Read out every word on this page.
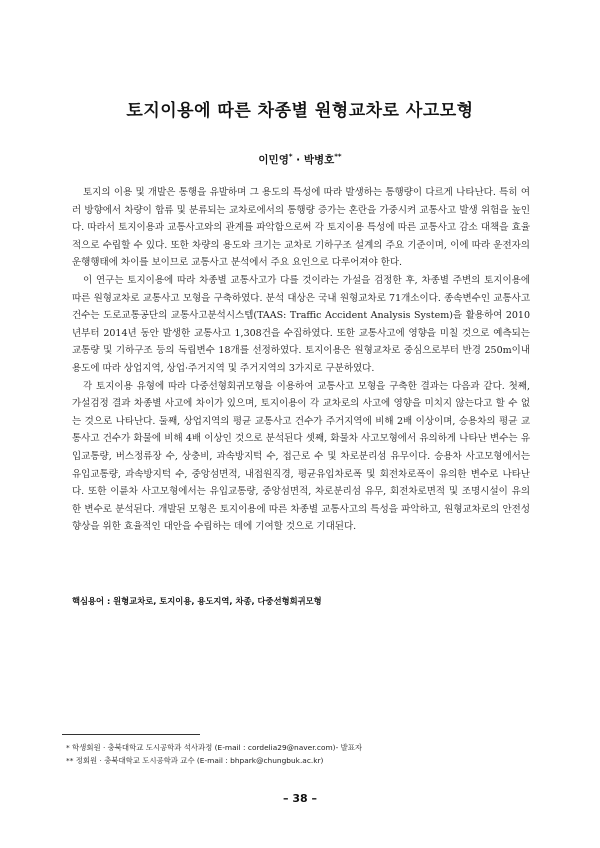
토지이용에 따른 차종별 원형교차로 사고모형
이민영* · 박병호**

토지의 이용 및 개발은 통행을 유발하며 그 용도의 특성에 따라 발생하는 통행량이 다르게 나타난다. 특히 여러 방향에서 차량이 합류 및 분류되는 교차로에서의 통행량 증가는 혼란을 가중시켜 교통사고 발생 위험을 높인다. 따라서 토지이용과 교통사고와의 관계를 파악함으로써 각 토지이용 특성에 따른 교통사고 감소 대책을 효율적으로 수립할 수 있다. 또한 차량의 용도와 크기는 교차로 기하구조 설계의 주요 기준이며, 이에 따라 운전자의 운행행태에 차이를 보이므로 교통사고 분석에서 주요 요인으로 다루어져야 한다.

이 연구는 토지이용에 따라 차종별 교통사고가 다를 것이라는 가설을 검정한 후, 차종별 주변의 토지이용에 따른 원형교차로 교통사고 모형을 구축하였다. 분석 대상은 국내 원형교차로 71개소이다. 종속변수인 교통사고 건수는 도로교통공단의 교통사고분석시스템(TAAS: Traffic Accident Analysis System)을 활용하여 2010년부터 2014년 동안 발생한 교통사고 1,308건을 수집하였다. 또한 교통사고에 영향을 미칠 것으로 예측되는 교통량 및 기하구조 등의 독립변수 18개를 선정하였다. 토지이용은 원형교차로 중심으로부터 반경 250m이내 용도에 따라 상업지역, 상업·주거지역 및 주거지역의 3가지로 구분하였다.

각 토지이용 유형에 따라 다중선형회귀모형을 이용하여 교통사고 모형을 구축한 결과는 다음과 같다. 첫째, 가설검정 결과 차종별 사고에 차이가 있으며, 토지이용이 각 교차로의 사고에 영향을 미치지 않는다고 할 수 없는 것으로 나타난다. 둘째, 상업지역의 평균 교통사고 건수가 주거지역에 비해 2배 이상이며, 승용차의 평균 교통사고 건수가 화물에 비해 4배 이상인 것으로 분석된다 셋째, 화물차 사고모형에서 유의하게 나타난 변수는 유입교통량, 버스정류장 수, 상충비, 과속방지턱 수, 접근로 수 및 차로분리섬 유무이다. 승용차 사고모형에서는 유입교통량, 과속방지턱 수, 중앙섬면적, 내접원직경, 평균유입차로폭 및 회전차로폭이 유의한 변수로 나타난다. 또한 이륜차 사고모형에서는 유입교통량, 중앙섬면적, 차로분리섬 유무, 회전차로면적 및 조명시설이 유의한 변수로 분석된다. 개발된 모형은 토지이용에 따른 차종별 교통사고의 특성을 파악하고, 원형교차로의 안전성 향상을 위한 효율적인 대안을 수립하는 데에 기여할 것으로 기대된다.

핵심용어 : 원형교차로, 토지이용, 용도지역, 차종, 다중선형회귀모형
* 학생회원 · 충북대학교 도시공학과 석사과정 (E-mail : cordelia29@naver.com)- 발표자
** 정회원 · 충북대학교 도시공학과 교수 (E-mail : bhpark@chungbuk.ac.kr)
– 38 –
